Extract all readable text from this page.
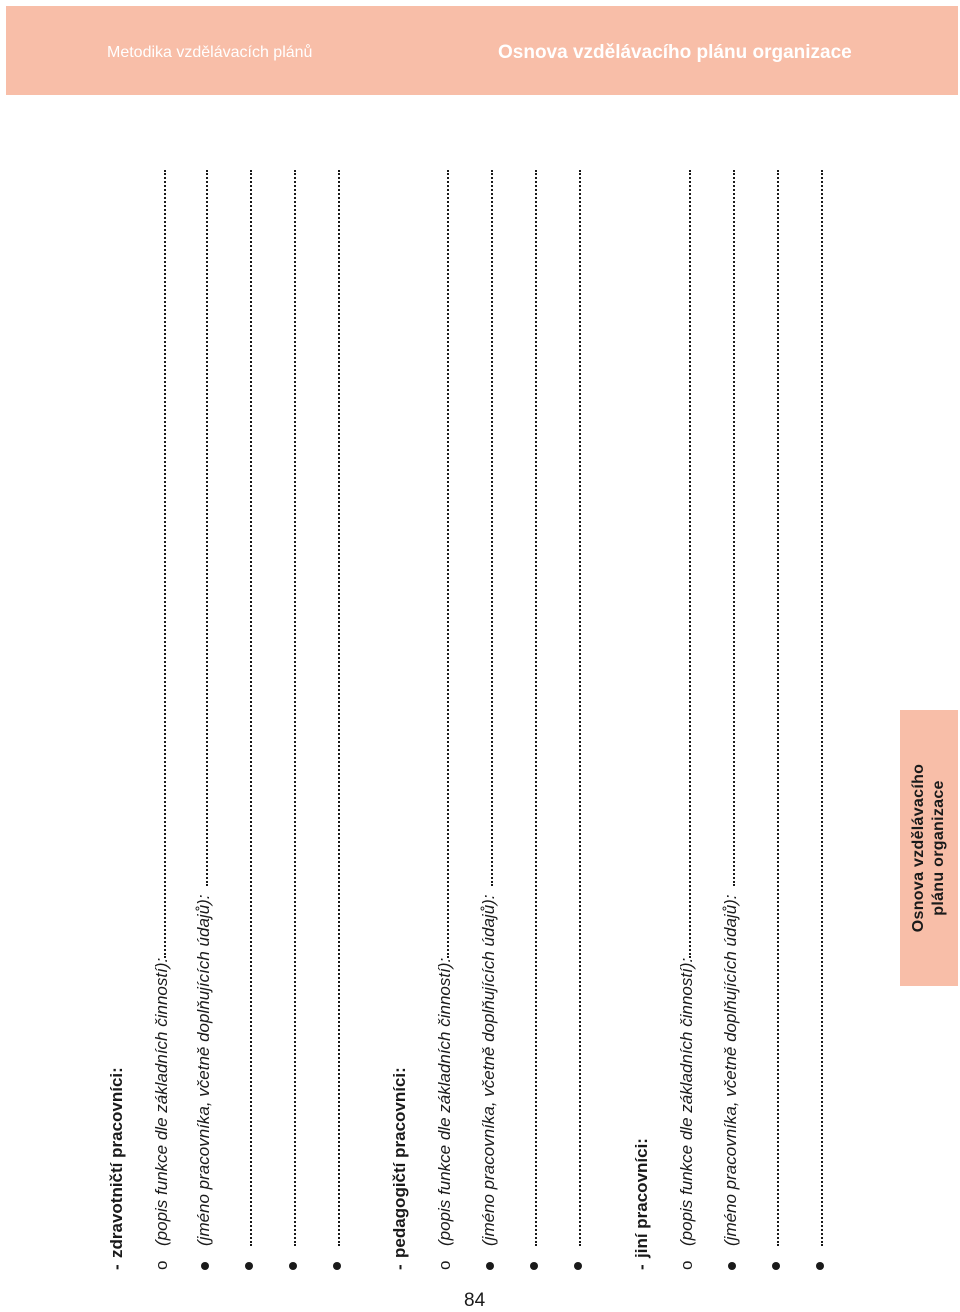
Metodika vzdělávacích plánů	Osnova vzdělávacího plánu organizace
Osnova vzdělávacího plánu organizace
84
-
zdravotničtí pracovníci:
o
(popis funkce dle základních činností): (jméno pracovníka, včetně doplňujících údajů):
-
pedagogičtí pracovníci:
o
(popis funkce dle základních činností): (jméno pracovníka, včetně doplňujících údajů):
-
jiní pracovníci:
o
(popis funkce dle základních činností): (jméno pracovníka, včetně doplňujících údajů):
